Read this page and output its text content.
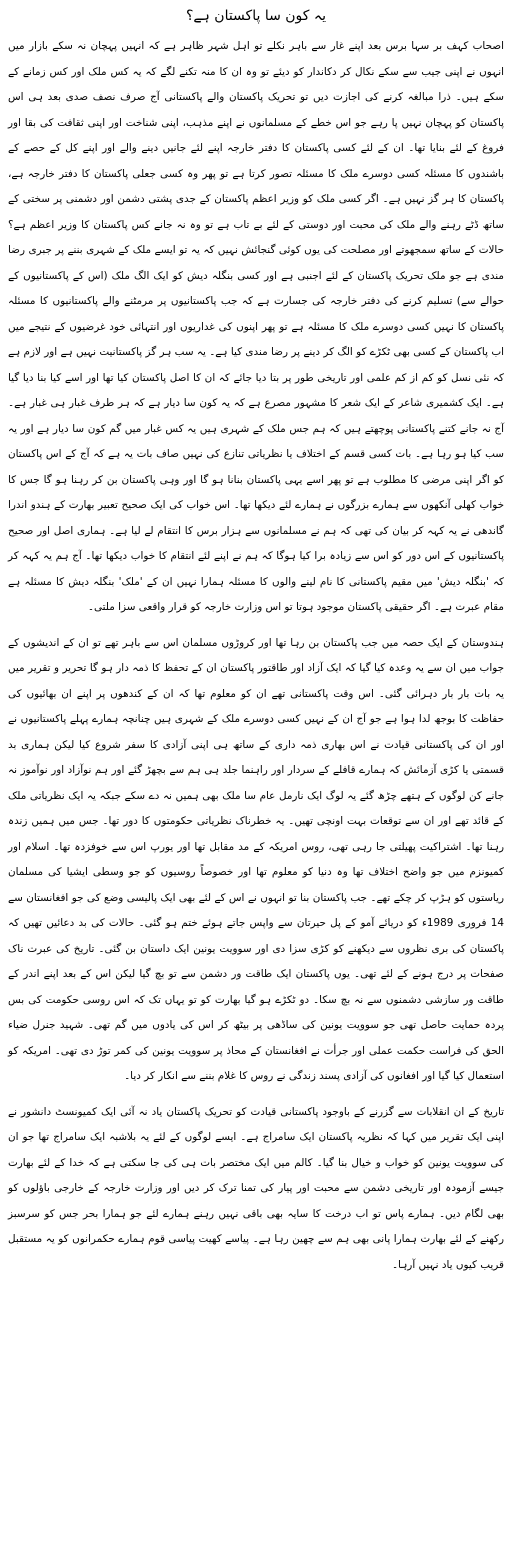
یہ کون سا پاکستان ہے؟

اصحاب کہف بر سہا برس بعد اپنے غار سے باہر نکلے تو اہل شہر ظاہر ہے کہ انہیں پہچان نہ سکے بازار میں انہوں نے اپنی جیب سے سکے نکال کر دکاندار کو دیئے تو وہ ان کا منہ تکنے لگے کہ یہ کس ملک اور کس زمانے کے سکے ہیں۔ ذرا مبالغہ کرنے کی اجازت دیں تو تحریک پاکستان والے پاکستانی آج صرف نصف صدی بعد ہی اس پاکستان کو پہچان نہیں پا رہے جو اس خطے کے مسلمانوں نے اپنے مذہب، اپنی شناخت اور اپنی ثقافت کی بقا اور فروغ کے لئے بنایا تھا۔ ان کے لئے کسی پاکستان کا دفتر خارجہ اپنے لئے جانیں دینے والے اور اپنے کل کے حصے کے باشندوں کا مسئلہ کسی دوسرے ملک کا مسئلہ تصور کرتا ہے تو پھر وہ کسی جعلی پاکستان کا دفتر خارجہ ہے، پاکستان کا ہر گز نہیں ہے۔ اگر کسی ملک کو وزیر اعظم پاکستان کے جدی پشتی دشمن اور دشمنی پر سختی کے ساتھ ڈٹے رہنے والے ملک کی محبت اور دوستی کے لئے بے تاب ہے تو وہ نہ جانے کس پاکستان کا وزیر اعظم ہے؟ حالات کے ساتھ سمجھوتے اور مصلحت کی یوں کوئی گنجائش نہیں کہ یہ تو ایسے ملک کے شہری بننے پر جبری رضا مندی ہے جو ملک تحریک پاکستان کے لئے اجنبی ہے اور کسی بنگلہ دیش کو ایک الگ ملک (اس کے پاکستانیوں کے حوالے سے) تسلیم کرنے کی دفتر خارجہ کی جسارت ہے کہ جب پاکستانیوں پر مرمٹنے والے پاکستانیوں کا مسئلہ پاکستان کا نہیں کسی دوسرے ملک کا مسئلہ ہے تو پھر اپنوں کی غداریوں اور انتہائی خود غرضیوں کے نتیجے میں اب پاکستان کے کسی بھی ٹکڑے کو الگ کر دینے پر رضا مندی کیا ہے۔ یہ سب ہر گز پاکستانیت نہیں ہے اور لازم ہے کہ نئی نسل کو کم از کم علمی اور تاریخی طور پر بتا دیا جائے کہ ان کا اصل پاکستان کیا تھا اور اسے کیا بنا دیا گیا ہے۔ ایک کشمیری شاعر کے ایک شعر کا مشہور مصرع ہے کہ یہ کون سا دیار ہے کہ ہر طرف غبار ہی غبار ہے۔ آج نہ جانے کتنے پاکستانی پوچھتے ہیں کہ ہم جس ملک کے شہری ہیں یہ کس غبار میں گم کون سا دیار ہے اور یہ سب کیا ہو رہا ہے۔ بات کسی قسم کے اختلاف یا نظریاتی تنازع کی نہیں صاف بات یہ ہے کہ آج کے اس پاکستان کو اگر اپنی مرضی کا مطلوب ہے تو پھر اسے یہی پاکستان بنانا ہو گا اور وہی پاکستان بن کر رہنا ہو گا جس کا خواب کھلی آنکھوں سے ہمارے بزرگوں نے ہمارے لئے دیکھا تھا۔ اس خواب کی ایک صحیح تعبیر بھارت کے ہندو اندرا گاندھی نے یہ کہہ کر بیان کی تھی کہ ہم نے مسلمانوں سے ہزار برس کا انتقام لے لیا ہے۔ ہماری اصل اور صحیح پاکستانیوں کے اس دور کو اس سے زیادہ برا کیا ہوگا کہ ہم نے اپنے لئے انتقام کا خواب دیکھا تھا۔ آج ہم یہ کہہ کر کہ 'بنگلہ دیش' میں مقیم پاکستانی کا نام لینے والوں کا مسئلہ ہمارا نہیں ان کے 'ملک' بنگلہ دیش کا مسئلہ ہے مقام عبرت ہے۔ اگر حقیقی پاکستان موجود ہوتا تو اس وزارت خارجہ کو قرار واقعی سزا ملتی۔

ہندوستان کے ایک حصہ میں جب پاکستان بن رہا تھا اور کروڑوں مسلمان اس سے باہر تھے تو ان کے اندیشوں کے جواب میں ان سے یہ وعدہ کیا گیا کہ ایک آزاد اور طاقتور پاکستان ان کے تحفظ کا ذمہ دار ہو گا تحریر و تقریر میں یہ بات بار بار دہرائی گئی۔ اس وقت پاکستانی تھے ان کو معلوم تھا کہ ان کے کندھوں پر اپنے ان بھائیوں کی حفاظت کا بوجھ لدا ہوا ہے جو آج ان کے نہیں کسی دوسرے ملک کے شہری ہیں چنانچہ ہمارے پہلے پاکستانیوں نے اور ان کی پاکستانی قیادت نے اس بھاری ذمہ داری کے ساتھ ہی اپنی آزادی کا سفر شروع کیا لیکن ہماری بد قسمتی یا کڑی آزمائش کہ ہمارے قافلے کے سردار اور راہنما جلد ہی ہم سے بچھڑ گئے اور ہم نوآزاد اور نوآموز نہ جانے کن لوگوں کے ہتھے چڑھ گئے یہ لوگ ایک نارمل عام سا ملک بھی ہمیں نہ دے سکے جبکہ یہ ایک نظریاتی ملک کے قائد تھے اور ان سے توقعات بہت اونچی تھیں۔ یہ خطرناک نظریاتی حکومتوں کا دور تھا۔ جس میں ہمیں زندہ رہنا تھا۔ اشتراکیت پھیلتی جا رہی تھی، روس امریکہ کے مد مقابل تھا اور یورپ اس سے خوفزدہ تھا۔ اسلام اور کمیونزم میں جو واضح اختلاف تھا وہ دنیا کو معلوم تھا اور خصوصاً روسیوں کو جو وسطی ایشیا کی مسلمان ریاستوں کو ہڑپ کر چکے تھے۔ جب پاکستان بنا تو انہوں نے اس کے لئے بھی ایک پالیسی وضع کی جو افغانستان سے 14 فروری 1989ء کو دریائے آمو کے پل حیرتان سے واپس جاتے ہوئے ختم ہو گئی۔ حالات کی بد دعائیں تھیں کہ پاکستان کی بری نظروں سے دیکھنے کو کڑی سزا دی اور سوویت یونین ایک داستان بن گئی۔ تاریخ کی عبرت ناک صفحات پر درج ہونے کے لئے تھی۔ یوں پاکستان ایک طاقت ور دشمن سے تو بچ گیا لیکن اس کے بعد اپنے اندر کے طاقت ور سازشی دشمنوں سے نہ بچ سکا۔ دو ٹکڑے ہو گیا بھارت کو تو یہاں تک کہ اس روسی حکومت کی بس پردہ حمایت حاصل تھی جو سوویت یونین کی ساڈھی پر بیٹھ کر اس کی یادوں میں گم تھی۔ شہید جنرل ضیاء الحق کی فراست حکمت عملی اور جرأت نے افغانستان کے محاذ پر سوویت یونین کی کمر توڑ دی تھی۔ امریکہ کو استعمال کیا گیا اور افغانوں کی آزادی پسند زندگی نے روس کا غلام بننے سے انکار کر دیا۔

تاریخ کے ان انقلابات سے گزرنے کے باوجود پاکستانی قیادت کو تحریک پاکستان یاد نہ آئی ایک کمیونسٹ دانشور نے اپنی ایک تقریر میں کہا کہ نظریہ پاکستان ایک سامراج ہے۔ ایسے لوگوں کے لئے یہ بلاشبہ ایک سامراج تھا جو ان کی سوویت یونین کو خواب و خیال بنا گیا۔ کالم میں ایک مختصر بات ہی کی جا سکتی ہے کہ خدا کے لئے بھارت جیسے آزمودہ اور تاریخی دشمن سے محبت اور پیار کی تمنا ترک کر دیں اور وزارت خارجہ کے خارجی باؤلوں کو بھی لگام دیں۔ ہمارے پاس تو اب درخت کا سایہ بھی باقی نہیں رہنے ہمارے لئے جو ہمارا بحر جس کو سرسبز رکھنے کے لئے بھارت ہمارا پانی بھی ہم سے چھین رہا ہے۔ پیاسے کھیت پیاسی قوم ہمارے حکمرانوں کو یہ مستقبل قریب کیوں یاد نہیں آرہا۔
